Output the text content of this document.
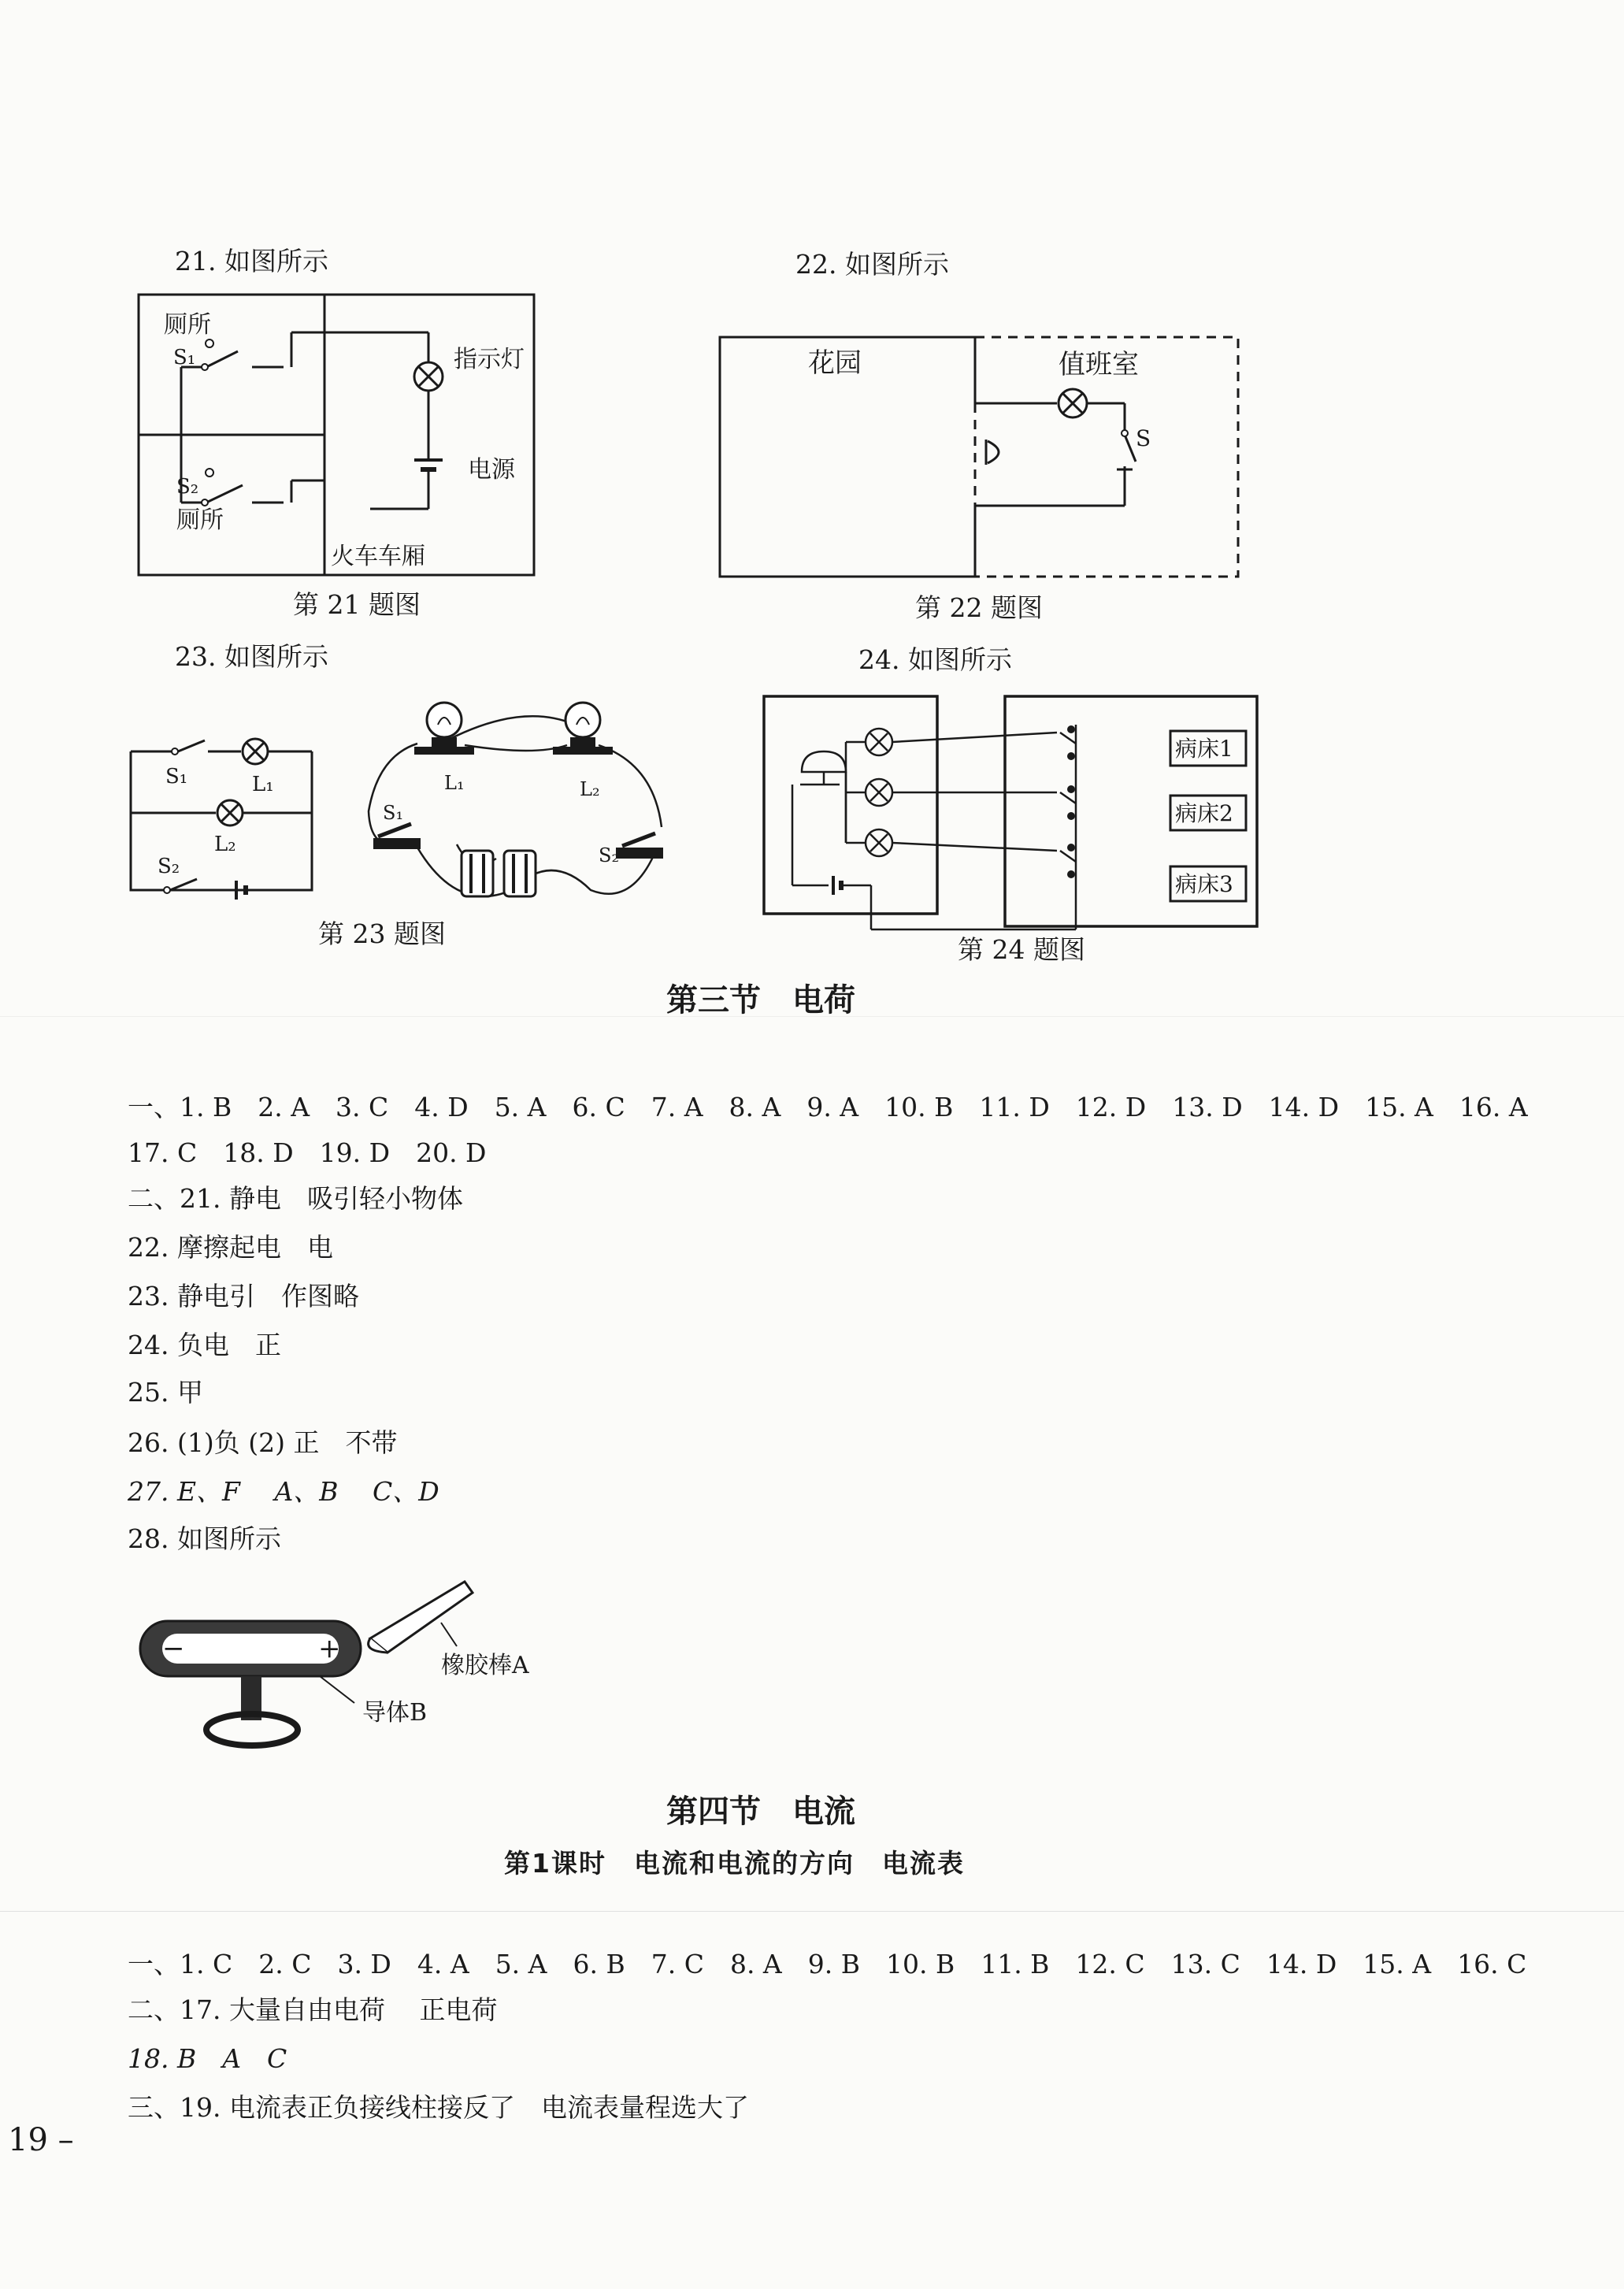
21. 如图所示
厕所
S₁	指示灯
S₂
厕所
电源
火车车厢
第 21 题图
22. 如图所示
花园	值班室
S
第 22 题图
23. 如图所示
S₁	L₁
L₂
S₂
L₁	L₂
S₁
S₂
第 23 题图
24. 如图所示
病床1
病床2
病床3
第 24 题图
第三节　电荷
一、1. B　2. A　3. C　4. D　5. A　6. C　7. A　8. A　9. A　10. B　11. D　12. D　13. D　14. D　15. A　16. A
17. C　18. D　19. D　20. D
二、21. 静电　吸引轻小物体
22. 摩擦起电　电
23. 静电引　作图略
24. 负电　正
25. 甲
26. (1)负 (2) 正　不带
27. E、F　 A、B　 C、D
28. 如图所示
−	+
橡胶棒A
导体B
第四节　电流
第1课时　电流和电流的方向　电流表
一、1. C　2. C　3. D　4. A　5. A　6. B　7. C　8. A　9. B　10. B　11. B　12. C　13. C　14. D　15. A　16. C
二、17. 大量自由电荷　 正电荷
18. B　A　C
三、19. 电流表正负接线柱接反了　电流表量程选大了
19 –
